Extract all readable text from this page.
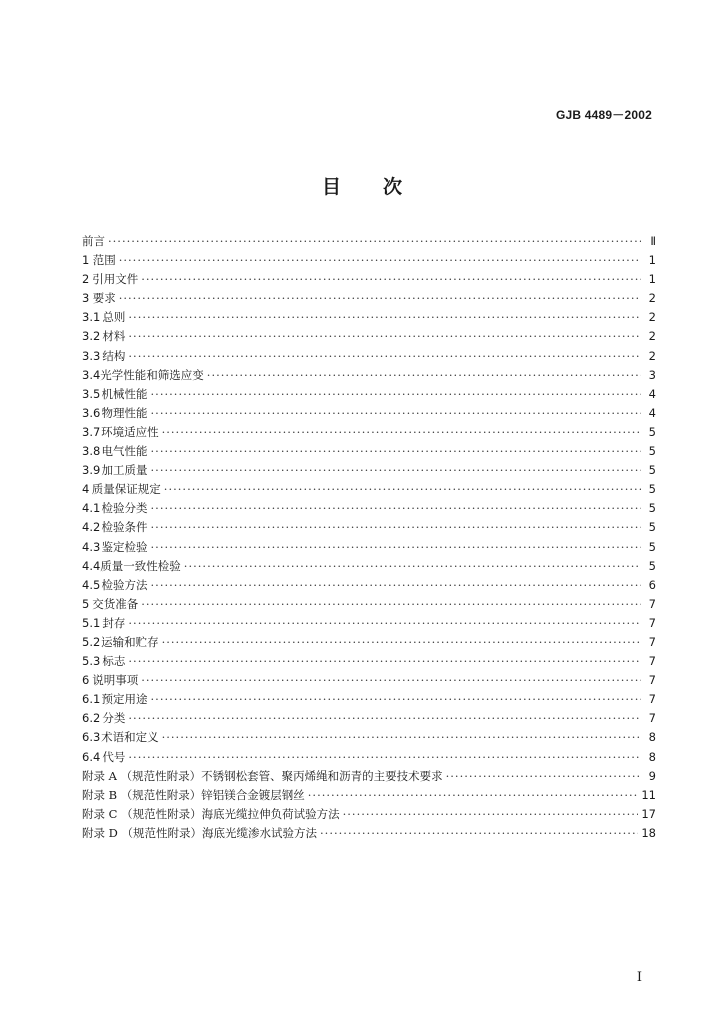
GJB 4489－2002
目 次
前言 ·····	Ⅱ
1 范围 ·····	1
2 引用文件 ·····	1
3 要求 ·····	2
3.1 总则 ·····	2
3.2 材料 ·····	2
3.3 结构 ·····	2
3.4 光学性能和筛选应变 ·····	3
3.5 机械性能 ·····	4
3.6 物理性能 ·····	4
3.7 环境适应性 ·····	5
3.8 电气性能 ·····	5
3.9 加工质量 ·····	5
4 质量保证规定 ·····	5
4.1 检验分类 ·····	5
4.2 检验条件 ·····	5
4.3 鉴定检验 ·····	5
4.4 质量一致性检验 ·····	5
4.5 检验方法 ·····	6
5 交货准备 ·····	7
5.1 封存 ·····	7
5.2 运输和贮存 ·····	7
5.3 标志 ·····	7
6 说明事项 ·····	7
6.1 预定用途 ·····	7
6.2 分类 ·····	7
6.3 术语和定义 ·····	8
6.4 代号 ·····	8
附录 A （规范性附录） 不锈钢松套管、聚丙烯绳和沥青的主要技术要求 ·····	9
附录 B （规范性附录） 锌铝镁合金镀层钢丝 ·····	11
附录 C （规范性附录） 海底光缆拉伸负荷试验方法 ·····	17
附录 D （规范性附录） 海底光缆渗水试验方法 ·····	18
I
